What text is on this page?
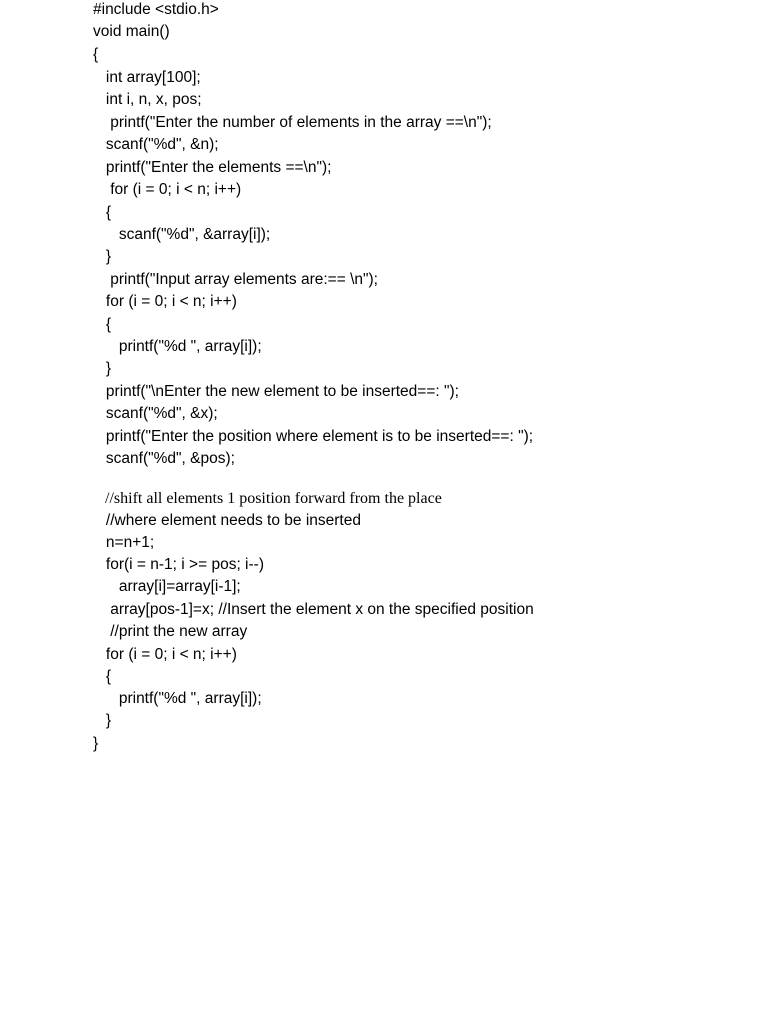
#include <stdio.h>
void main()
{
int array[100];
int i, n, x, pos;
printf("Enter the number of elements in the array ==\n");
scanf("%d", &n);
printf("Enter the elements ==\n");
for (i = 0; i < n; i++)
{
scanf("%d", &array[i]);
}
printf("Input array elements are:== \n");
for (i = 0; i < n; i++)
{
printf("%d ", array[i]);
}
printf("\nEnter the new element to be inserted==: ");
scanf("%d", &x);
printf("Enter the position where element is to be inserted==: ");
scanf("%d", &pos);
//shift all elements 1 position forward from the place
//where element needs to be inserted
n=n+1;
for(i = n-1; i >= pos; i--)
array[i]=array[i-1];
array[pos-1]=x; //Insert the element x on the specified position
//print the new array
for (i = 0; i < n; i++)
{
printf("%d ", array[i]);
}
}
